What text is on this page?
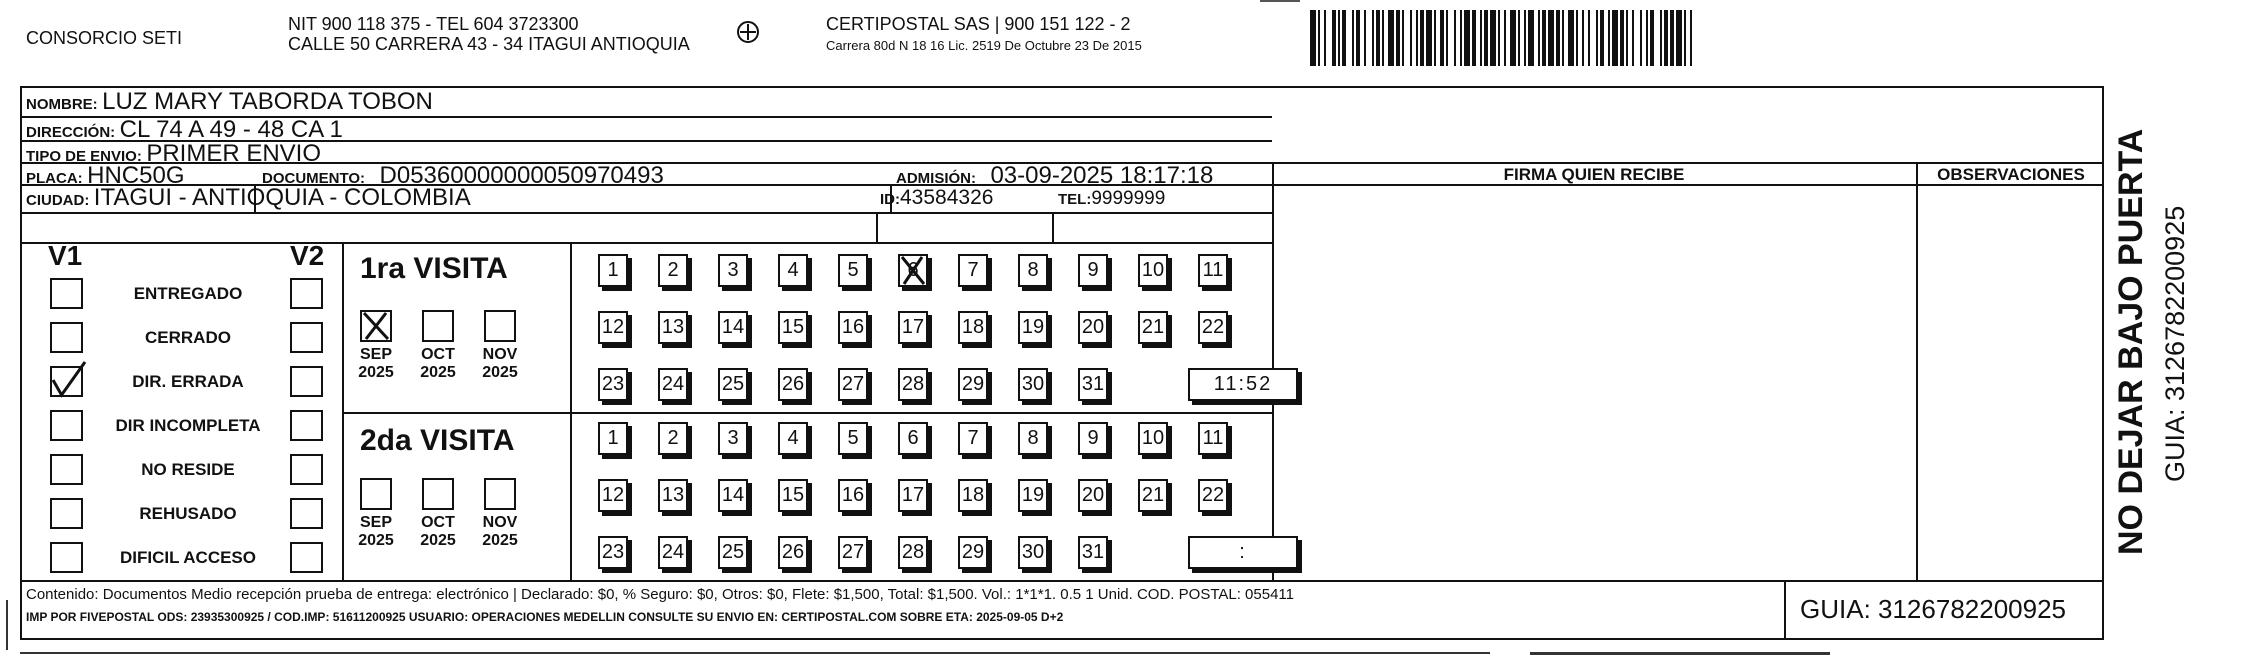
CONSORCIO SETI
NIT 900 118 375 - TEL 604 3723300
CALLE 50 CARRERA 43 - 34 ITAGUI ANTIOQUIA
CERTIPOSTAL SAS | 900 151 122 - 2
Carrera 80d N 18 16 Lic. 2519 De Octubre 23 De 2015
NOMBRE: LUZ MARY TABORDA TOBON
DIRECCIÓN: CL 74 A 49 - 48 CA 1
TIPO DE ENVIO: PRIMER ENVIO
PLACA: HNC50G	DOCUMENTO: D05360000000050970493	ADMISIÓN: 03-09-2025 18:17:18
CIUDAD: ITAGUI - ANTIOQUIA - COLOMBIA	ID:43584326	TEL:9999999
FIRMA QUIEN RECIBE	OBSERVACIONES
V1	V2
ENTREGADO
CERRADO
DIR. ERRADA
DIR INCOMPLETA
NO RESIDE
REHUSADO
DIFICIL ACCESO
1ra VISITA
SEP
2025
OCT
2025
NOV
2025
1	2	3	4	5	6	7	8	9	10 11
12 13 14 15 16 17 18 19 20 21 22
23 24 25 26 27 28 29 30 31	11:52
2da VISITA
SEP
2025
OCT
2025
NOV
2025
1	2	3	4	5	6	7	8	9	10 11
12 13 14 15 16 17 18 19 20 21 22
23 24 25 26 27 28 29 30 31	:
Contenido: Documentos Medio recepción prueba de entrega: electrónico | Declarado: $0, % Seguro: $0, Otros: $0, Flete: $1,500, Total: $1,500. Vol.: 1*1*1. 0.5 1 Unid. COD. POSTAL: 055411
IMP POR FIVEPOSTAL ODS: 23935300925 / COD.IMP: 51611200925 USUARIO: OPERACIONES MEDELLIN CONSULTE SU ENVIO EN: CERTIPOSTAL.COM SOBRE ETA: 2025-09-05 D+2	GUIA: 3126782200925
NO DEJAR BAJO PUERTA GUIA: 3126782200925
